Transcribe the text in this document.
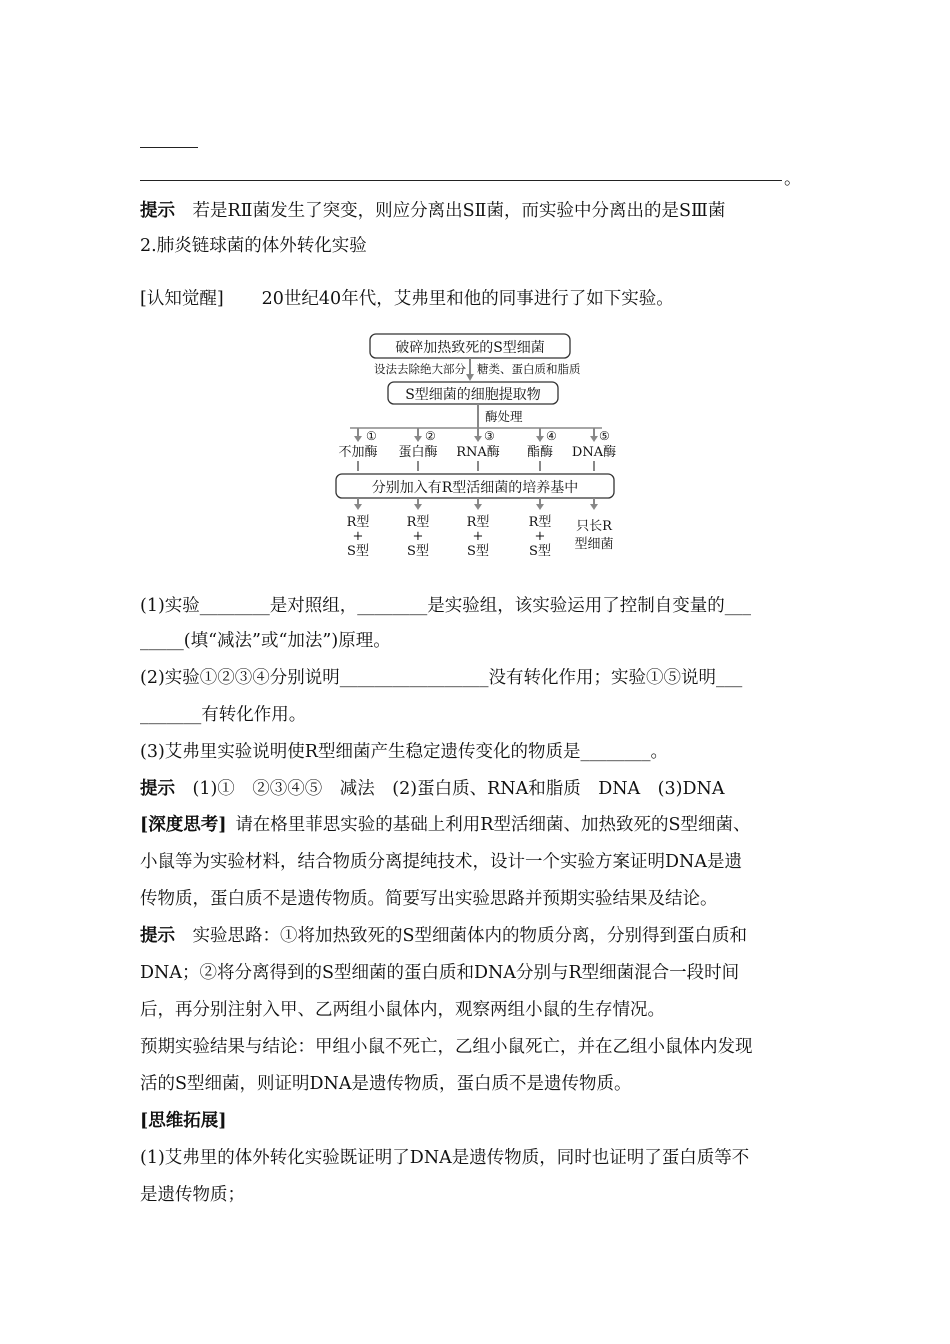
。
提示  若是RⅡ菌发生了突变，则应分离出SⅡ菌，而实验中分离出的是SⅢ菌
2.肺炎链球菌的体外转化实验
[认知觉醒] 20世纪40年代，艾弗里和他的同事进行了如下实验。
破碎加热致死的S型细菌
设法去除绝大部分 糖类、蛋白质和脂质
S型细菌的细胞提取物
酶处理
①
不加酶
②
蛋白酶
③
RNA酶
④
酯酶
⑤
DNA酶
分别加入有R型活细菌的培养基中
R型
+
S型
R型
+
S型
R型
+
S型
R型
+
S型
只长R
型细菌
(1)实验________是对照组，________是实验组，该实验运用了控制自变量的___
_____(填“减法”或“加法”)原理。
(2)实验①②③④分别说明_________________没有转化作用；实验①⑤说明___
_______有转化作用。
(3)艾弗里实验说明使R型细菌产生稳定遗传变化的物质是________。
提示  (1)①　②③④⑤　减法　(2)蛋白质、RNA和脂质　DNA　(3)DNA
[深度思考]  请在格里菲思实验的基础上利用R型活细菌、加热致死的S型细菌、
小鼠等为实验材料，结合物质分离提纯技术，设计一个实验方案证明DNA是遗
传物质，蛋白质不是遗传物质。简要写出实验思路并预期实验结果及结论。
提示  实验思路：①将加热致死的S型细菌体内的物质分离，分别得到蛋白质和
DNA；②将分离得到的S型细菌的蛋白质和DNA分别与R型细菌混合一段时间
后，再分别注射入甲、乙两组小鼠体内，观察两组小鼠的生存情况。
预期实验结果与结论：甲组小鼠不死亡，乙组小鼠死亡，并在乙组小鼠体内发现
活的S型细菌，则证明DNA是遗传物质，蛋白质不是遗传物质。
[思维拓展]
(1)艾弗里的体外转化实验既证明了DNA是遗传物质，同时也证明了蛋白质等不
是遗传物质；
